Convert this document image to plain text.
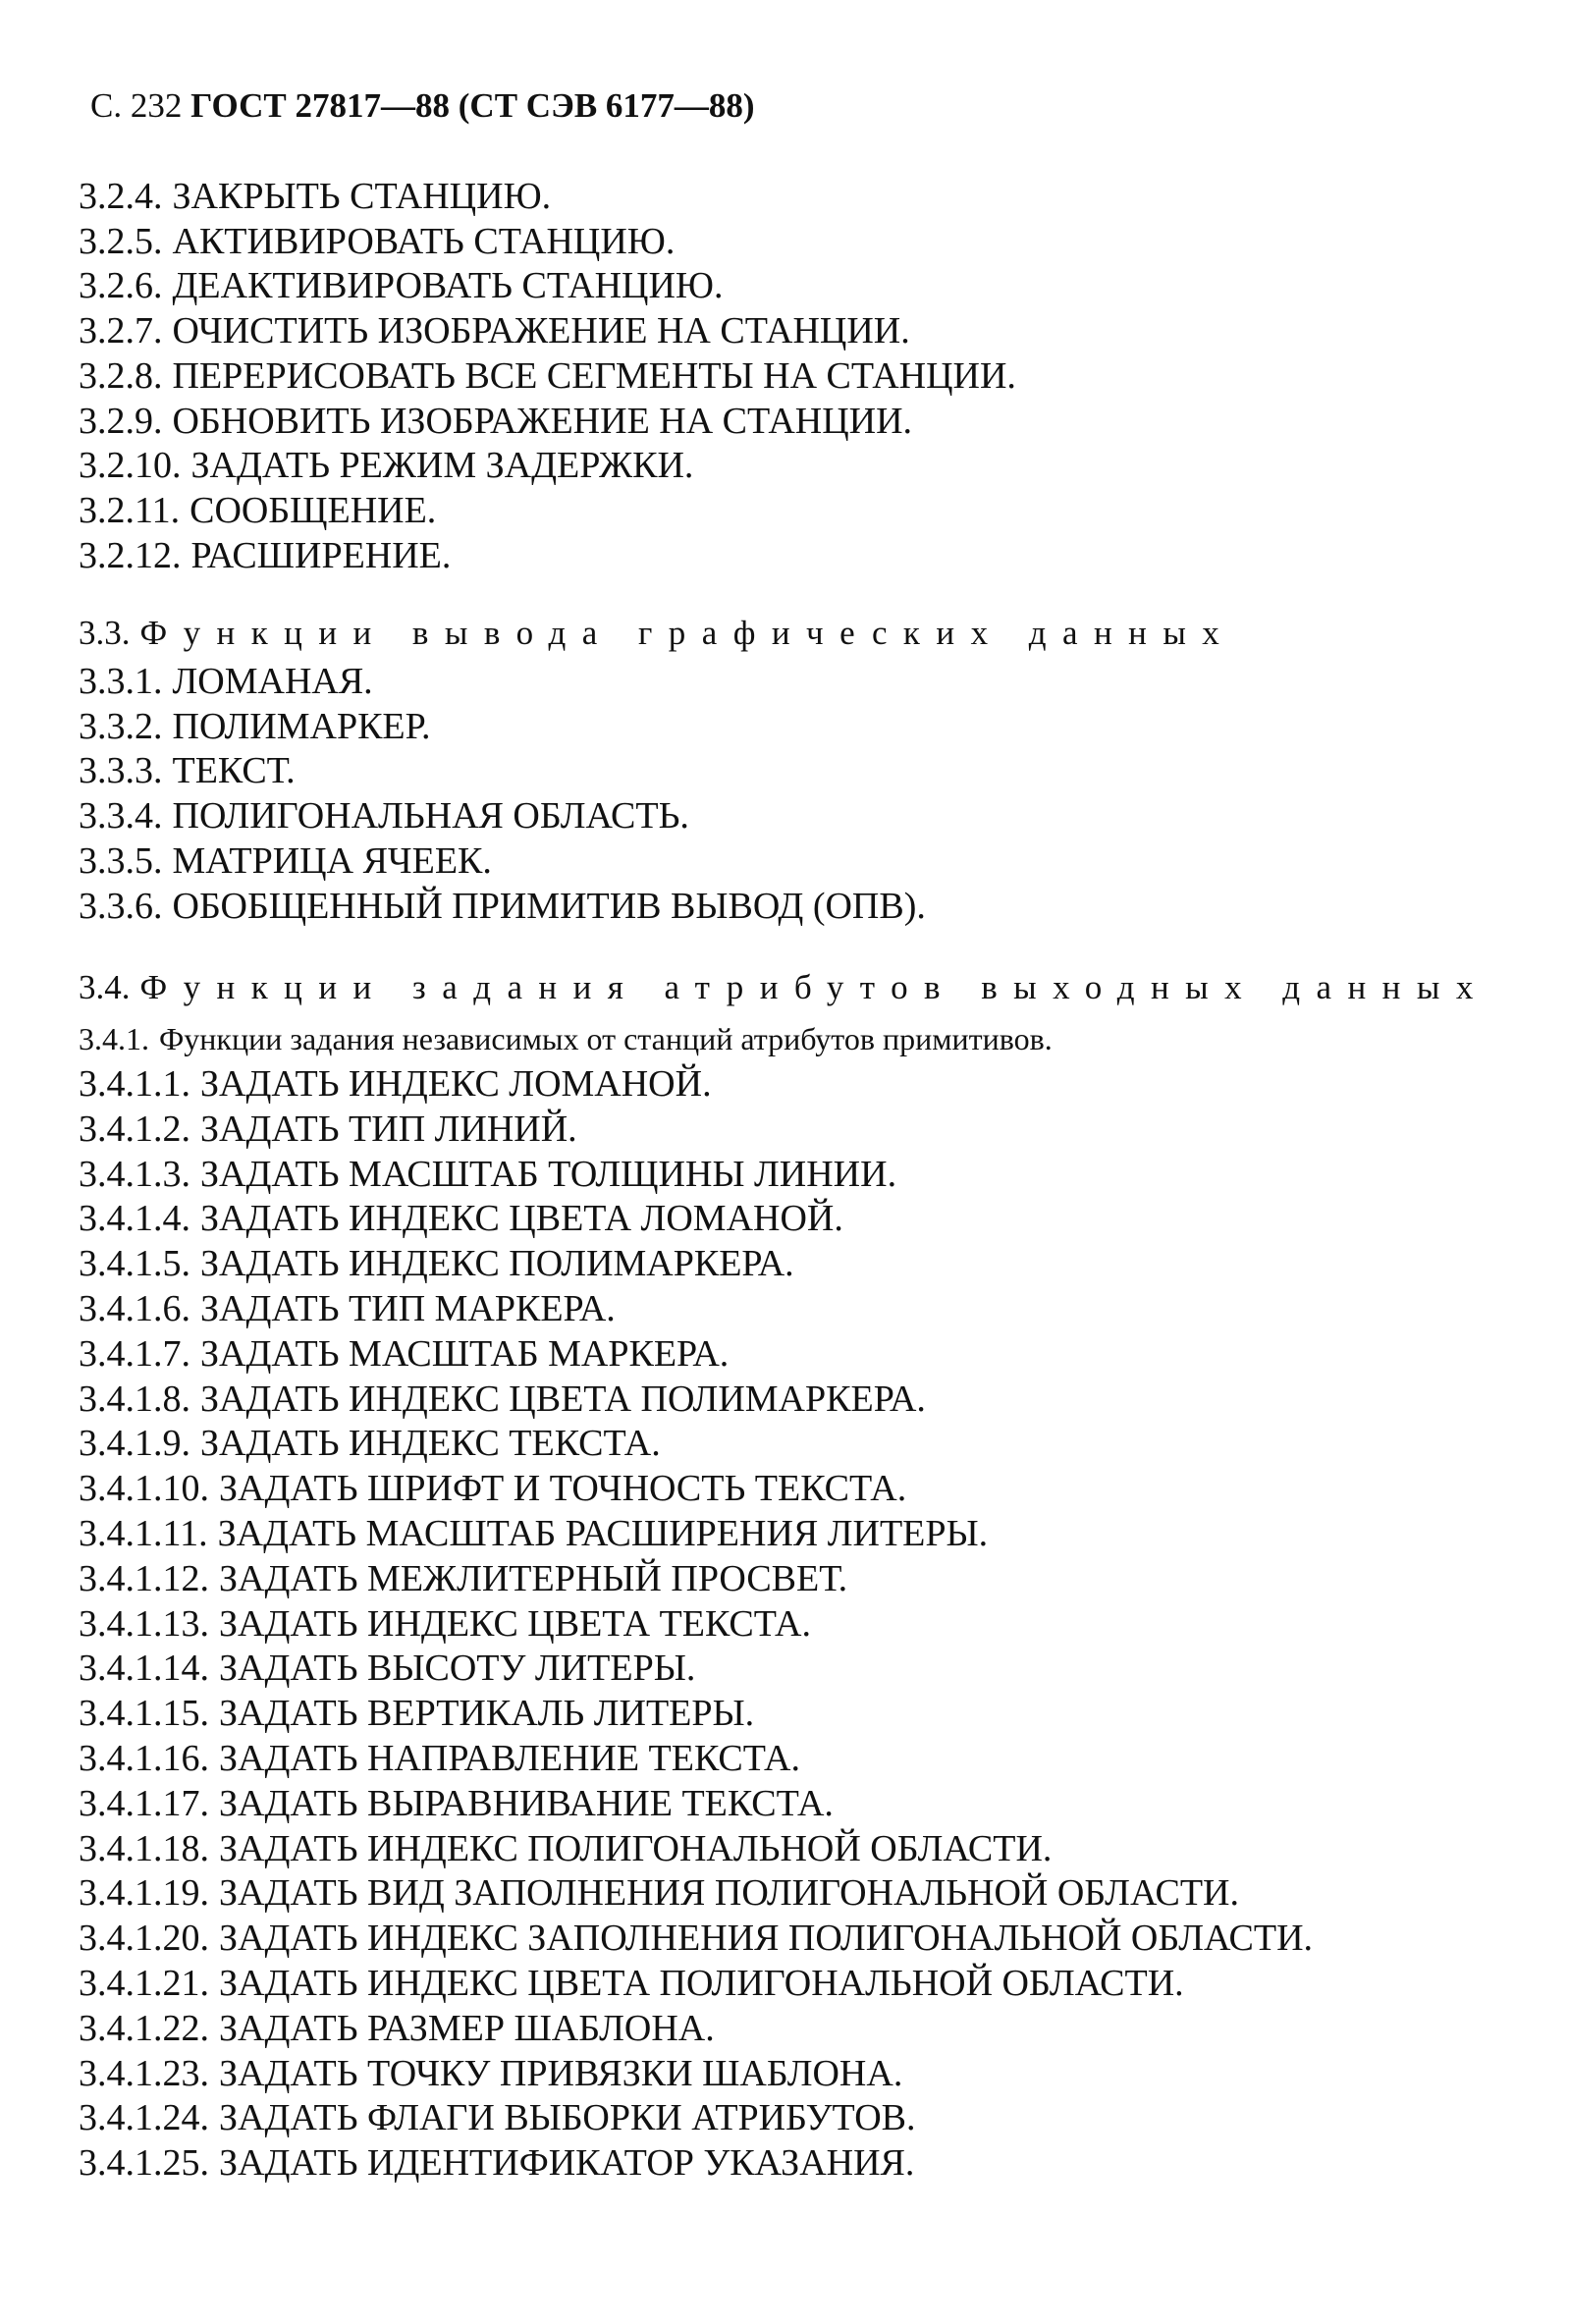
С. 232 ГОСТ 27817—88 (СТ СЭВ 6177—88)
3.2.4. ЗАКРЫТЬ СТАНЦИЮ.
3.2.5. АКТИВИРОВАТЬ СТАНЦИЮ.
3.2.6. ДЕАКТИВИРОВАТЬ СТАНЦИЮ.
3.2.7. ОЧИСТИТЬ ИЗОБРАЖЕНИЕ НА СТАНЦИИ.
3.2.8. ПЕРЕРИСОВАТЬ ВСЕ СЕГМЕНТЫ НА СТАНЦИИ.
3.2.9. ОБНОВИТЬ ИЗОБРАЖЕНИЕ НА СТАНЦИИ.
3.2.10. ЗАДАТЬ РЕЖИМ ЗАДЕРЖКИ.
3.2.11. СООБЩЕНИЕ.
3.2.12. РАСШИРЕНИЕ.
3.3. Функции вывода графических данных
3.3.1. ЛОМАНАЯ.
3.3.2. ПОЛИМАРКЕР.
3.3.3. ТЕКСТ.
3.3.4. ПОЛИГОНАЛЬНАЯ ОБЛАСТЬ.
3.3.5. МАТРИЦА ЯЧЕЕК.
3.3.6. ОБОБЩЕННЫЙ ПРИМИТИВ ВЫВОД (ОПВ).
3.4. Функции задания атрибутов выходных данных
3.4.1. Функции задания независимых от станций атрибутов примитивов.
3.4.1.1. ЗАДАТЬ ИНДЕКС ЛОМАНОЙ.
3.4.1.2. ЗАДАТЬ ТИП ЛИНИЙ.
3.4.1.3. ЗАДАТЬ МАСШТАБ ТОЛЩИНЫ ЛИНИИ.
3.4.1.4. ЗАДАТЬ ИНДЕКС ЦВЕТА ЛОМАНОЙ.
3.4.1.5. ЗАДАТЬ ИНДЕКС ПОЛИМАРКЕРА.
3.4.1.6. ЗАДАТЬ ТИП МАРКЕРА.
3.4.1.7. ЗАДАТЬ МАСШТАБ МАРКЕРА.
3.4.1.8. ЗАДАТЬ ИНДЕКС ЦВЕТА ПОЛИМАРКЕРА.
3.4.1.9. ЗАДАТЬ ИНДЕКС ТЕКСТА.
3.4.1.10. ЗАДАТЬ ШРИФТ И ТОЧНОСТЬ ТЕКСТА.
3.4.1.11. ЗАДАТЬ МАСШТАБ РАСШИРЕНИЯ ЛИТЕРЫ.
3.4.1.12. ЗАДАТЬ МЕЖЛИТЕРНЫЙ ПРОСВЕТ.
3.4.1.13. ЗАДАТЬ ИНДЕКС ЦВЕТА ТЕКСТА.
3.4.1.14. ЗАДАТЬ ВЫСОТУ ЛИТЕРЫ.
3.4.1.15. ЗАДАТЬ ВЕРТИКАЛЬ ЛИТЕРЫ.
3.4.1.16. ЗАДАТЬ НАПРАВЛЕНИЕ ТЕКСТА.
3.4.1.17. ЗАДАТЬ ВЫРАВНИВАНИЕ ТЕКСТА.
3.4.1.18. ЗАДАТЬ ИНДЕКС ПОЛИГОНАЛЬНОЙ ОБЛАСТИ.
3.4.1.19. ЗАДАТЬ ВИД ЗАПОЛНЕНИЯ ПОЛИГОНАЛЬНОЙ ОБЛАСТИ.
3.4.1.20. ЗАДАТЬ ИНДЕКС ЗАПОЛНЕНИЯ ПОЛИГОНАЛЬНОЙ ОБЛАСТИ.
3.4.1.21. ЗАДАТЬ ИНДЕКС ЦВЕТА ПОЛИГОНАЛЬНОЙ ОБЛАСТИ.
3.4.1.22. ЗАДАТЬ РАЗМЕР ШАБЛОНА.
3.4.1.23. ЗАДАТЬ ТОЧКУ ПРИВЯЗКИ ШАБЛОНА.
3.4.1.24. ЗАДАТЬ ФЛАГИ ВЫБОРКИ АТРИБУТОВ.
3.4.1.25. ЗАДАТЬ ИДЕНТИФИКАТОР УКАЗАНИЯ.
